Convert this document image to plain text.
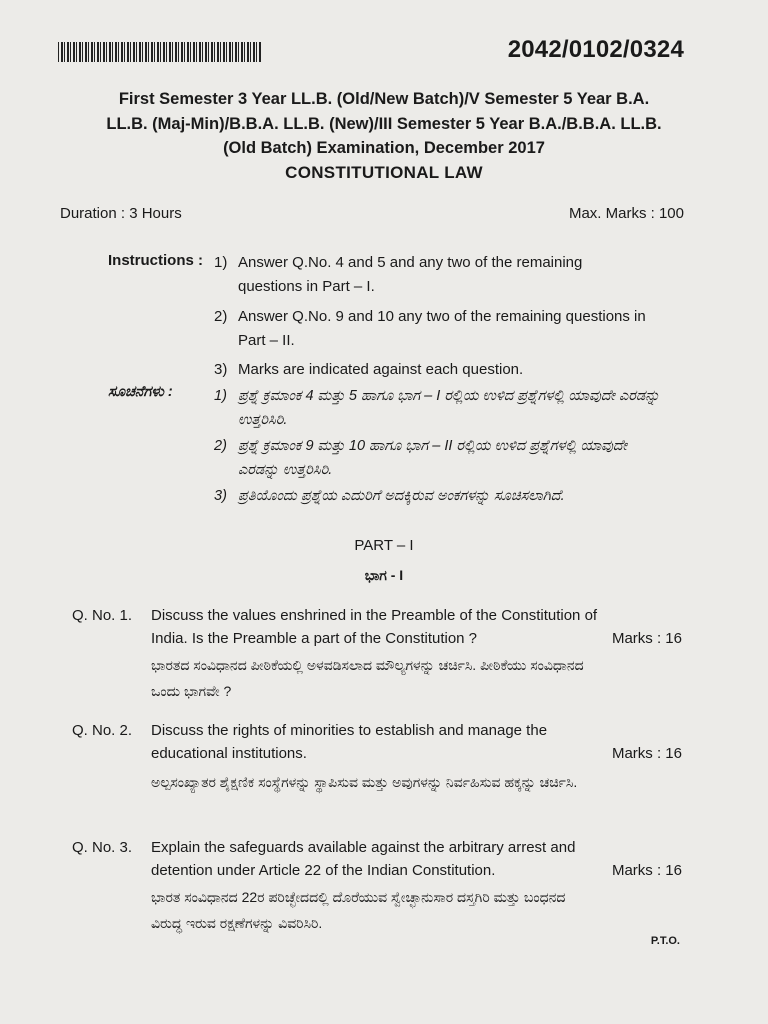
2042/0102/0324
First Semester 3 Year LL.B. (Old/New Batch)/V Semester 5 Year B.A.
LL.B. (Maj-Min)/B.B.A. LL.B. (New)/III Semester 5 Year B.A./B.B.A. LL.B.
(Old Batch) Examination, December 2017
CONSTITUTIONAL LAW
Duration : 3 Hours	Max. Marks : 100
Instructions : 1) Answer Q.No. 4 and 5 and any two of the remaining questions in Part – I.
2) Answer Q.No. 9 and 10 any two of the remaining questions in Part – II.
3) Marks are indicated against each question.
ಸೂಚನೆಗಳು :	1) ಪ್ರಶ್ನೆ ಕ್ರಮಾಂಕ 4 ಮತ್ತು 5 ಹಾಗೂ ಭಾಗ – I ರಲ್ಲಿಯ ಉಳಿದ ಪ್ರಶ್ನೆಗಳಲ್ಲಿ ಯಾವುದೇ ಎರಡನ್ನು ಉತ್ತರಿಸಿರಿ.
2) ಪ್ರಶ್ನೆ ಕ್ರಮಾಂಕ 9 ಮತ್ತು 10 ಹಾಗೂ ಭಾಗ – II ರಲ್ಲಿಯ ಉಳಿದ ಪ್ರಶ್ನೆಗಳಲ್ಲಿ ಯಾವುದೇ ಎರಡನ್ನು ಉತ್ತರಿಸಿರಿ.
3) ಪ್ರತಿಯೊಂದು ಪ್ರಶ್ನೆಯ ಎದುರಿಗೆ ಅದಕ್ಕಿರುವ ಅಂಕಗಳನ್ನು ಸೂಚಿಸಲಾಗಿದೆ.
PART – I
ಭಾಗ - I
Q. No. 1. Discuss the values enshrined in the Preamble of the Constitution of India. Is the Preamble a part of the Constitution ?	Marks : 16
ಭಾರತದ ಸಂವಿಧಾನದ ಪೀಠಿಕೆಯಲ್ಲಿ ಅಳವಡಿಸಲಾದ ಮೌಲ್ಯಗಳನ್ನು ಚರ್ಚಿಸಿ. ಪೀಠಿಕೆಯು ಸಂವಿಧಾನದ ಒಂದು ಭಾಗವೇ ?
Q. No. 2. Discuss the rights of minorities to establish and manage the educational institutions.	Marks : 16
ಅಲ್ಪಸಂಖ್ಯಾತರ ಶೈಕ್ಷಣಿಕ ಸಂಸ್ಥೆಗಳನ್ನು ಸ್ಥಾಪಿಸುವ ಮತ್ತು ಅವುಗಳನ್ನು ನಿರ್ವಹಿಸುವ ಹಕ್ಕನ್ನು ಚರ್ಚಿಸಿ.
Q. No. 3. Explain the safeguards available against the arbitrary arrest and detention under Article 22 of the Indian Constitution.	Marks : 16
ಭಾರತ ಸಂವಿಧಾನದ 22ರ ಪರಿಚ್ಛೇದದಲ್ಲಿ ದೊರೆಯುವ ಸ್ವೇಚ್ಛಾನುಸಾರ ದಸ್ತಗಿರಿ ಮತ್ತು ಬಂಧನದ ವಿರುದ್ಧ ಇರುವ ರಕ್ಷಣೆಗಳನ್ನು ವಿವರಿಸಿರಿ.
P.T.O.
